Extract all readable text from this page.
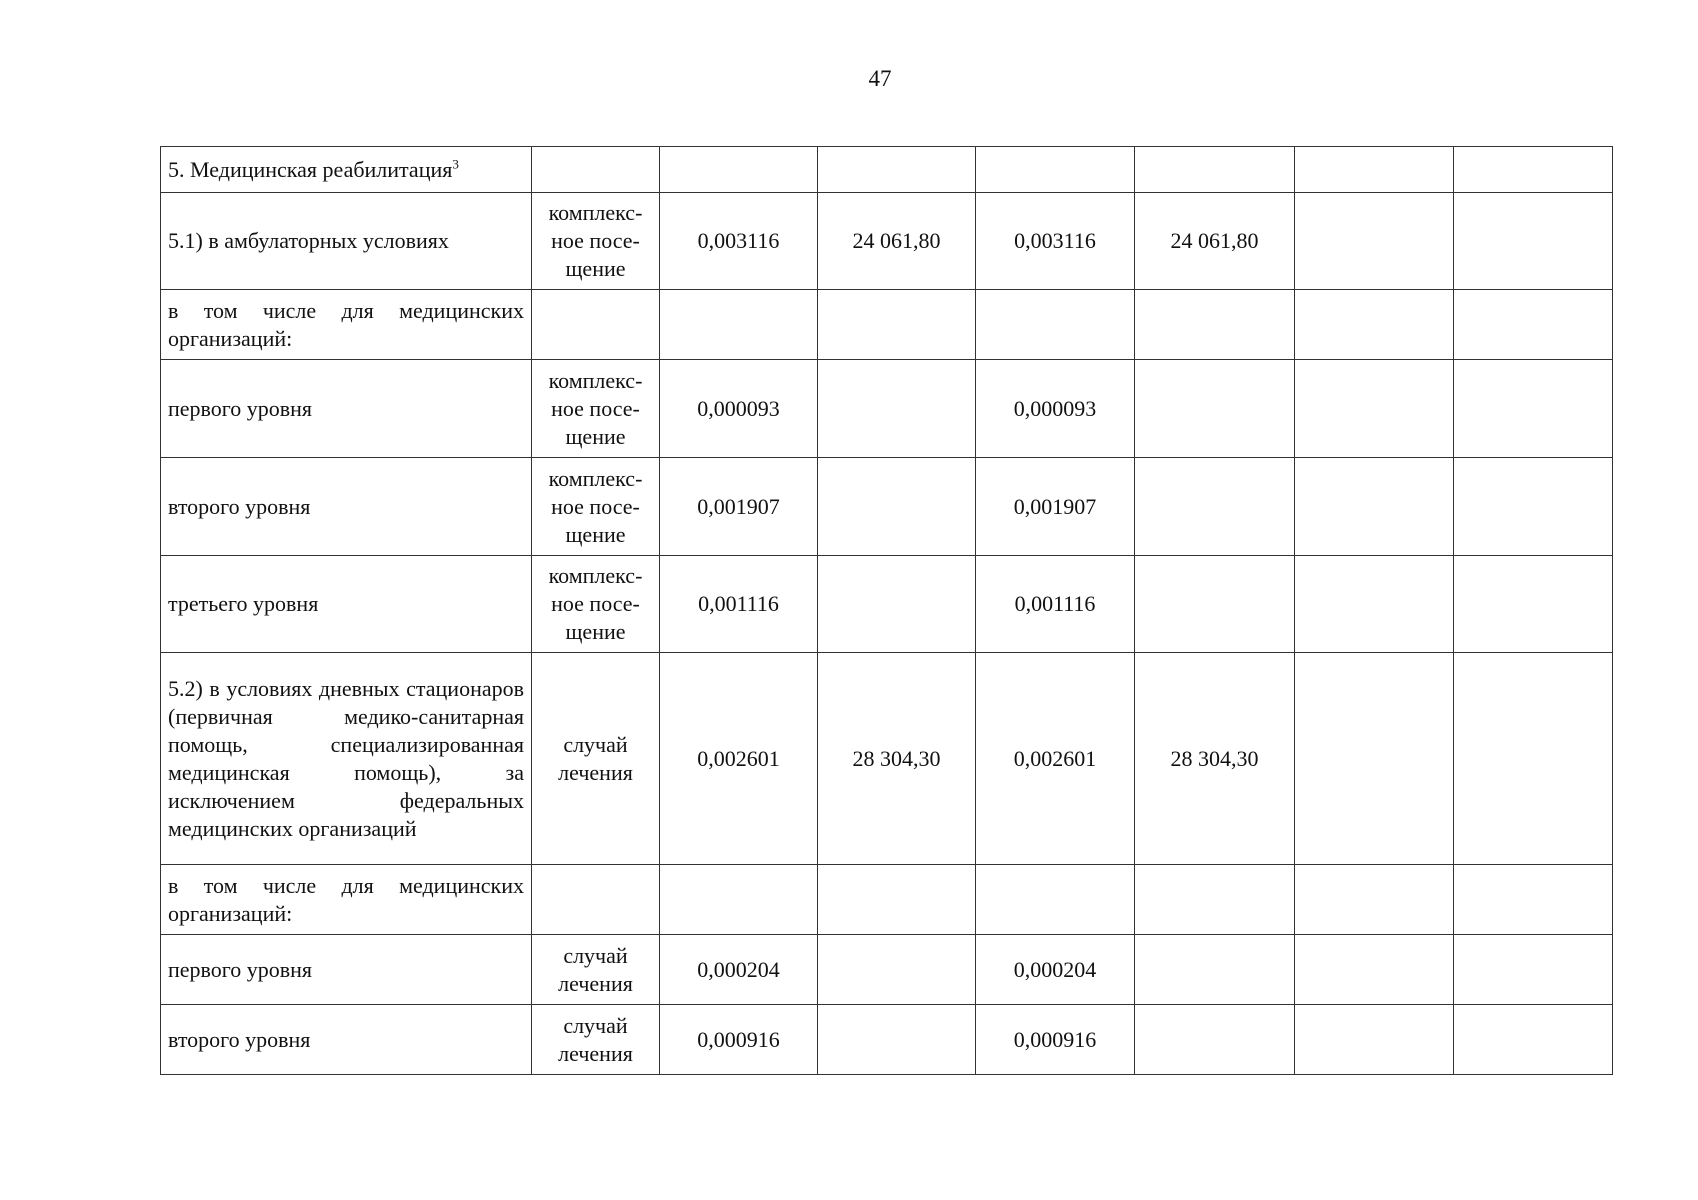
47
5. Медицинская реабилитация$^3$							
5.1) в амбулаторных условиях	комплекс-ное посе-щение	0,003116	24 061,80	0,003116	24 061,80		
в том числе для медицинских организаций:							
первого уровня	комплекс-ное посе-щение	0,000093		0,000093			
второго уровня	комплекс-ное посе-щение	0,001907		0,001907			
третьего уровня	комплекс-ное посе-щение	0,001116		0,001116			
5.2) в условиях дневных стационаров (первичная медико-санитарная помощь, специализированная медицинская помощь), за исключением федеральных медицинских организаций	случай лечения	0,002601	28 304,30	0,002601	28 304,30		
в том числе для медицинских организаций:							
первого уровня	случай лечения	0,000204		0,000204			
второго уровня	случай лечения	0,000916		0,000916			
